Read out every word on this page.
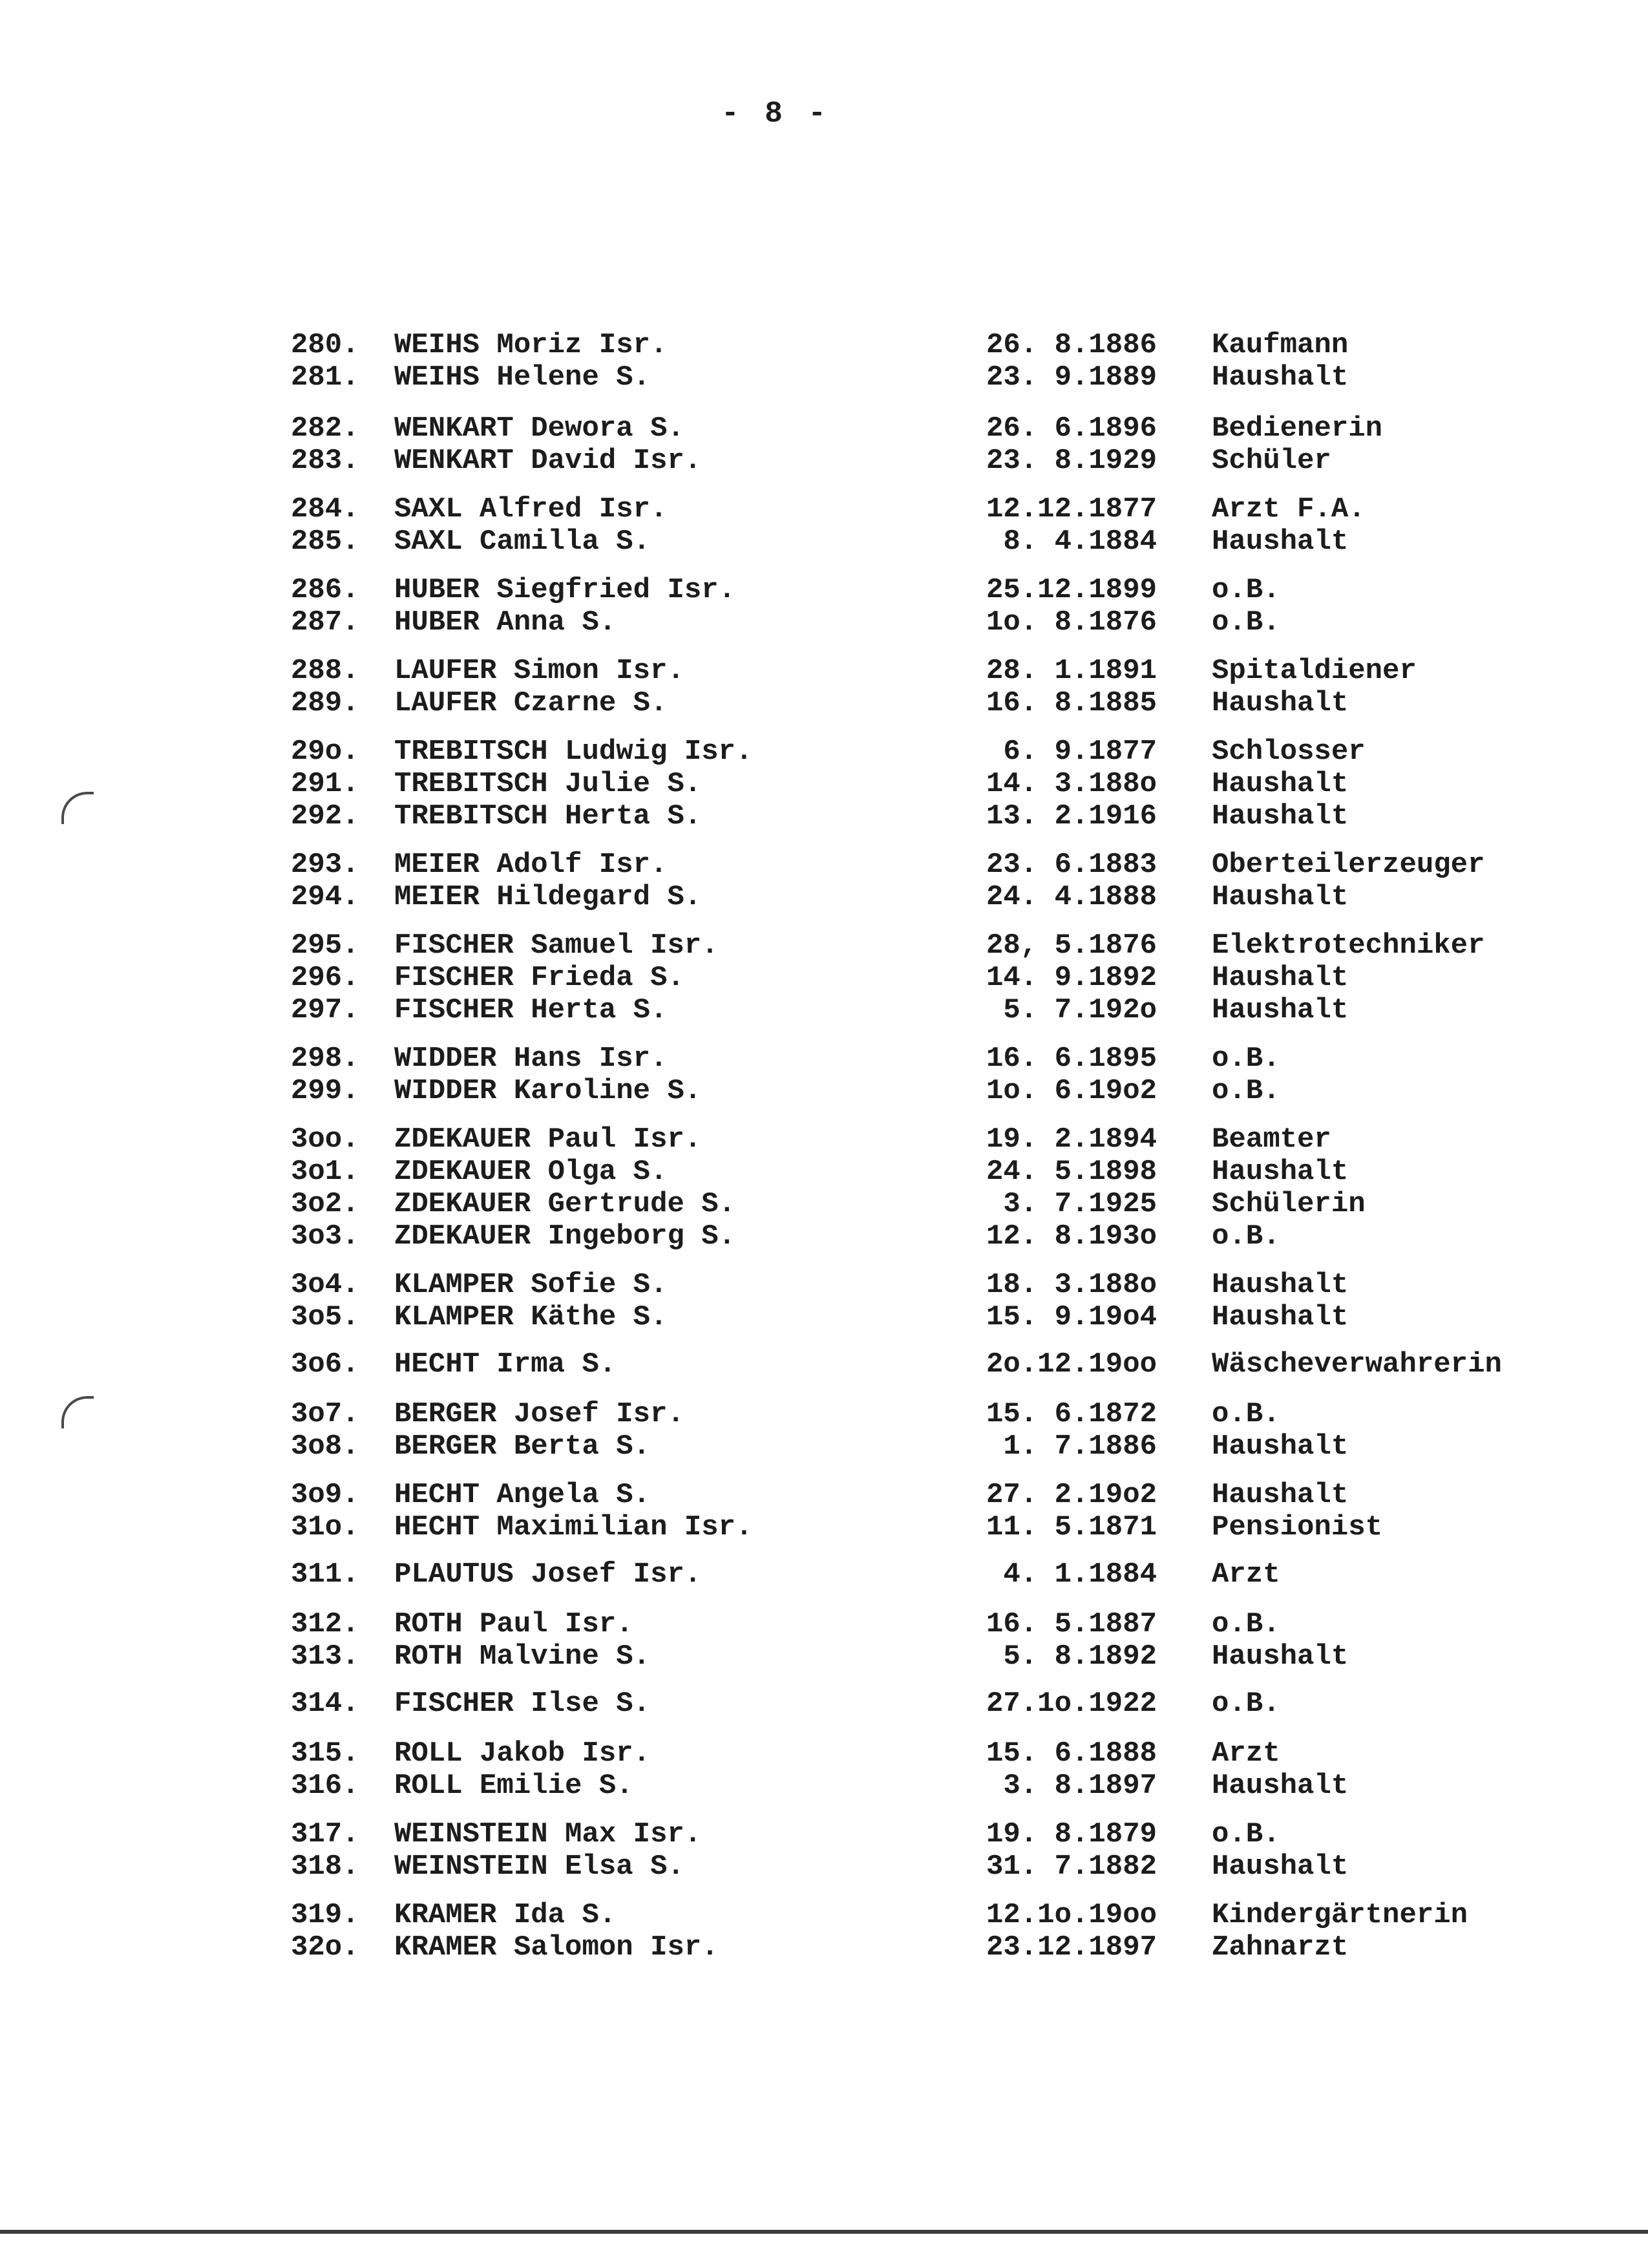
- 8 -
280. WEIHS Moriz Isr.	26. 8.1886 Kaufmann
281. WEIHS Helene S.	23. 9.1889 Haushalt
282. WENKART Dewora S.	26. 6.1896 Bedienerin
283. WENKART David Isr.	23. 8.1929 Schüler
284. SAXL Alfred Isr.	12.12.1877 Arzt F.A.
285. SAXL Camilla S.	8. 4.1884 Haushalt
286. HUBER Siegfried Isr.	25.12.1899 o.B.
287. HUBER Anna S.	1o. 8.1876 o.B.
288. LAUFER Simon Isr.	28. 1.1891 Spitaldiener
289. LAUFER Czarne S.	16. 8.1885 Haushalt
29o. TREBITSCH Ludwig Isr.	6. 9.1877 Schlosser
291. TREBITSCH Julie S.	14. 3.188o Haushalt
292. TREBITSCH Herta S.	13. 2.1916 Haushalt
293. MEIER Adolf Isr.	23. 6.1883 Oberteilerzeuger
294. MEIER Hildegard S.	24. 4.1888 Haushalt
295. FISCHER Samuel Isr.	28, 5.1876 Elektrotechniker
296. FISCHER Frieda S.	14. 9.1892 Haushalt
297. FISCHER Herta S.	5. 7.192o Haushalt
298. WIDDER Hans Isr.	16. 6.1895 o.B.
299. WIDDER Karoline S.	1o. 6.19o2 o.B.
3oo. ZDEKAUER Paul Isr.	19. 2.1894 Beamter
3o1. ZDEKAUER Olga S.	24. 5.1898 Haushalt
3o2. ZDEKAUER Gertrude S.	3. 7.1925 Schülerin
3o3. ZDEKAUER Ingeborg S.	12. 8.193o o.B.
3o4. KLAMPER Sofie S.	18. 3.188o Haushalt
3o5. KLAMPER Käthe S.	15. 9.19o4 Haushalt
3o6. HECHT Irma S.	2o.12.19oo Wäscheverwahrerin
3o7. BERGER Josef Isr.	15. 6.1872 o.B.
3o8. BERGER Berta S.	1. 7.1886 Haushalt
3o9. HECHT Angela S.	27. 2.19o2 Haushalt
31o. HECHT Maximilian Isr.	11. 5.1871 Pensionist
311. PLAUTUS Josef Isr.	4. 1.1884 Arzt
312. ROTH Paul Isr.	16. 5.1887 o.B.
313. ROTH Malvine S.	5. 8.1892 Haushalt
314. FISCHER Ilse S.	27.1o.1922 o.B.
315. ROLL Jakob Isr.	15. 6.1888 Arzt
316. ROLL Emilie S.	3. 8.1897 Haushalt
317. WEINSTEIN Max Isr.	19. 8.1879 o.B.
318. WEINSTEIN Elsa S.	31. 7.1882 Haushalt
319. KRAMER Ida S.	12.1o.19oo Kindergärtnerin
32o. KRAMER Salomon Isr.	23.12.1897 Zahnarzt
